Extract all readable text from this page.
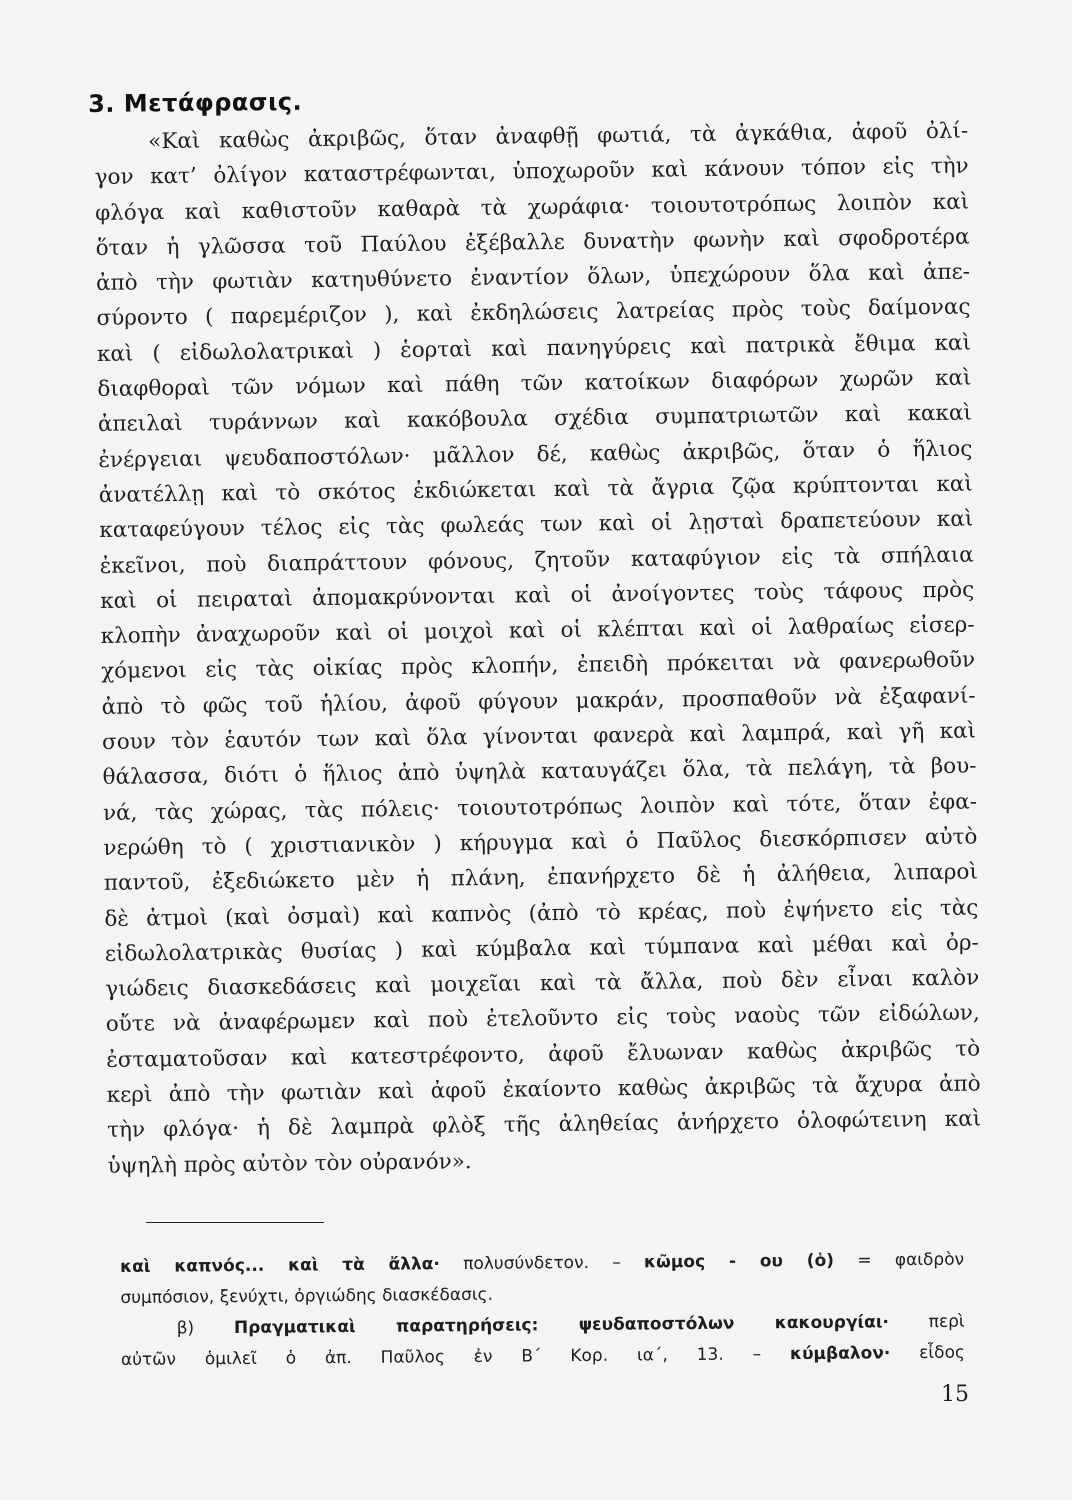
3. Μετάφρασις.
«Καὶ καθὼς ἀκριβῶς, ὅταν ἀναφθῇ φωτιά, τὰ ἀγκάθια, ἀφοῦ ὀλί-
γον κατ’ ὀλίγον καταστρέφωνται, ὑποχωροῦν καὶ κάνουν τόπον εἰς τὴν
φλόγα καὶ καθιστοῦν καθαρὰ τὰ χωράφια· τοιουτοτρόπως λοιπὸν καὶ
ὅταν ἡ γλῶσσα τοῦ Παύλου ἐξέβαλλε δυνατὴν φωνὴν καὶ σφοδροτέρα
ἀπὸ τὴν φωτιὰν κατηυθύνετο ἐναντίον ὅλων, ὑπεχώρουν ὅλα καὶ ἀπε-
σύροντο ( παρεμέριζον ), καὶ ἐκδηλώσεις λατρείας πρὸς τοὺς δαίμονας
καὶ ( εἰδωλολατρικαὶ ) ἑορταὶ καὶ πανηγύρεις καὶ πατρικὰ ἔθιμα καὶ
διαφθοραὶ τῶν νόμων καὶ πάθη τῶν κατοίκων διαφόρων χωρῶν καὶ
ἀπειλαὶ τυράννων καὶ κακόβουλα σχέδια συμπατριωτῶν καὶ κακαὶ
ἐνέργειαι ψευδαποστόλων· μᾶλλον δέ, καθὼς ἀκριβῶς, ὅταν ὁ ἥλιος
ἀνατέλλῃ καὶ τὸ σκότος ἐκδιώκεται καὶ τὰ ἄγρια ζῷα κρύπτονται καὶ
καταφεύγουν τέλος εἰς τὰς φωλεάς των καὶ οἱ λῃσταὶ δραπετεύουν καὶ
ἐκεῖνοι, ποὺ διαπράττουν φόνους, ζητοῦν καταφύγιον εἰς τὰ σπήλαια
καὶ οἱ πειραταὶ ἀπομακρύνονται καὶ οἱ ἀνοίγοντες τοὺς τάφους πρὸς
κλοπὴν ἀναχωροῦν καὶ οἱ μοιχοὶ καὶ οἱ κλέπται καὶ οἱ λαθραίως εἰσερ-
χόμενοι εἰς τὰς οἰκίας πρὸς κλοπήν, ἐπειδὴ πρόκειται νὰ φανερωθοῦν
ἀπὸ τὸ φῶς τοῦ ἡλίου, ἀφοῦ φύγουν μακράν, προσπαθοῦν νὰ ἐξαφανί-
σουν τὸν ἑαυτόν των καὶ ὅλα γίνονται φανερὰ καὶ λαμπρά, καὶ γῆ καὶ
θάλασσα, διότι ὁ ἥλιος ἀπὸ ὑψηλὰ καταυγάζει ὅλα, τὰ πελάγη, τὰ βου-
νά, τὰς χώρας, τὰς πόλεις· τοιουτοτρόπως λοιπὸν καὶ τότε, ὅταν ἐφα-
νερώθη τὸ ( χριστιανικὸν ) κήρυγμα καὶ ὁ Παῦλος διεσκόρπισεν αὐτὸ
παντοῦ, ἐξεδιώκετο μὲν ἡ πλάνη, ἐπανήρχετο δὲ ἡ ἀλήθεια, λιπαροὶ
δὲ ἀτμοὶ (καὶ ὀσμαὶ) καὶ καπνὸς (ἀπὸ τὸ κρέας, ποὺ ἐψήνετο εἰς τὰς
εἰδωλολατρικὰς θυσίας ) καὶ κύμβαλα καὶ τύμπανα καὶ μέθαι καὶ ὀρ-
γιώδεις διασκεδάσεις καὶ μοιχεῖαι καὶ τὰ ἄλλα, ποὺ δὲν εἶναι καλὸν
οὔτε νὰ ἀναφέρωμεν καὶ ποὺ ἐτελοῦντο εἰς τοὺς ναοὺς τῶν εἰδώλων,
ἐσταματοῦσαν καὶ κατεστρέφοντο, ἀφοῦ ἔλυωναν καθὼς ἀκριβῶς τὸ
κερὶ ἀπὸ τὴν φωτιὰν καὶ ἀφοῦ ἐκαίοντο καθὼς ἀκριβῶς τὰ ἄχυρα ἀπὸ
τὴν φλόγα· ἡ δὲ λαμπρὰ φλὸξ τῆς ἀληθείας ἀνήρχετο ὁλοφώτεινη καὶ
ὑψηλὴ πρὸς αὐτὸν τὸν οὐρανόν».
καὶ καπνός... καὶ τὰ ἄλλα· πολυσύνδετον. – κῶμος - ου (ὁ) = φαιδρὸν
συμπόσιον, ξενύχτι, ὀργιώδης διασκέδασις.
β) Πραγματικαὶ παρατηρήσεις: ψευδαποστόλων κακουργίαι· περὶ
αὐτῶν ὁμιλεῖ ὁ ἀπ. Παῦλος ἐν Β΄ Κορ. ια΄, 13. – κύμβαλον· εἶδος
15
